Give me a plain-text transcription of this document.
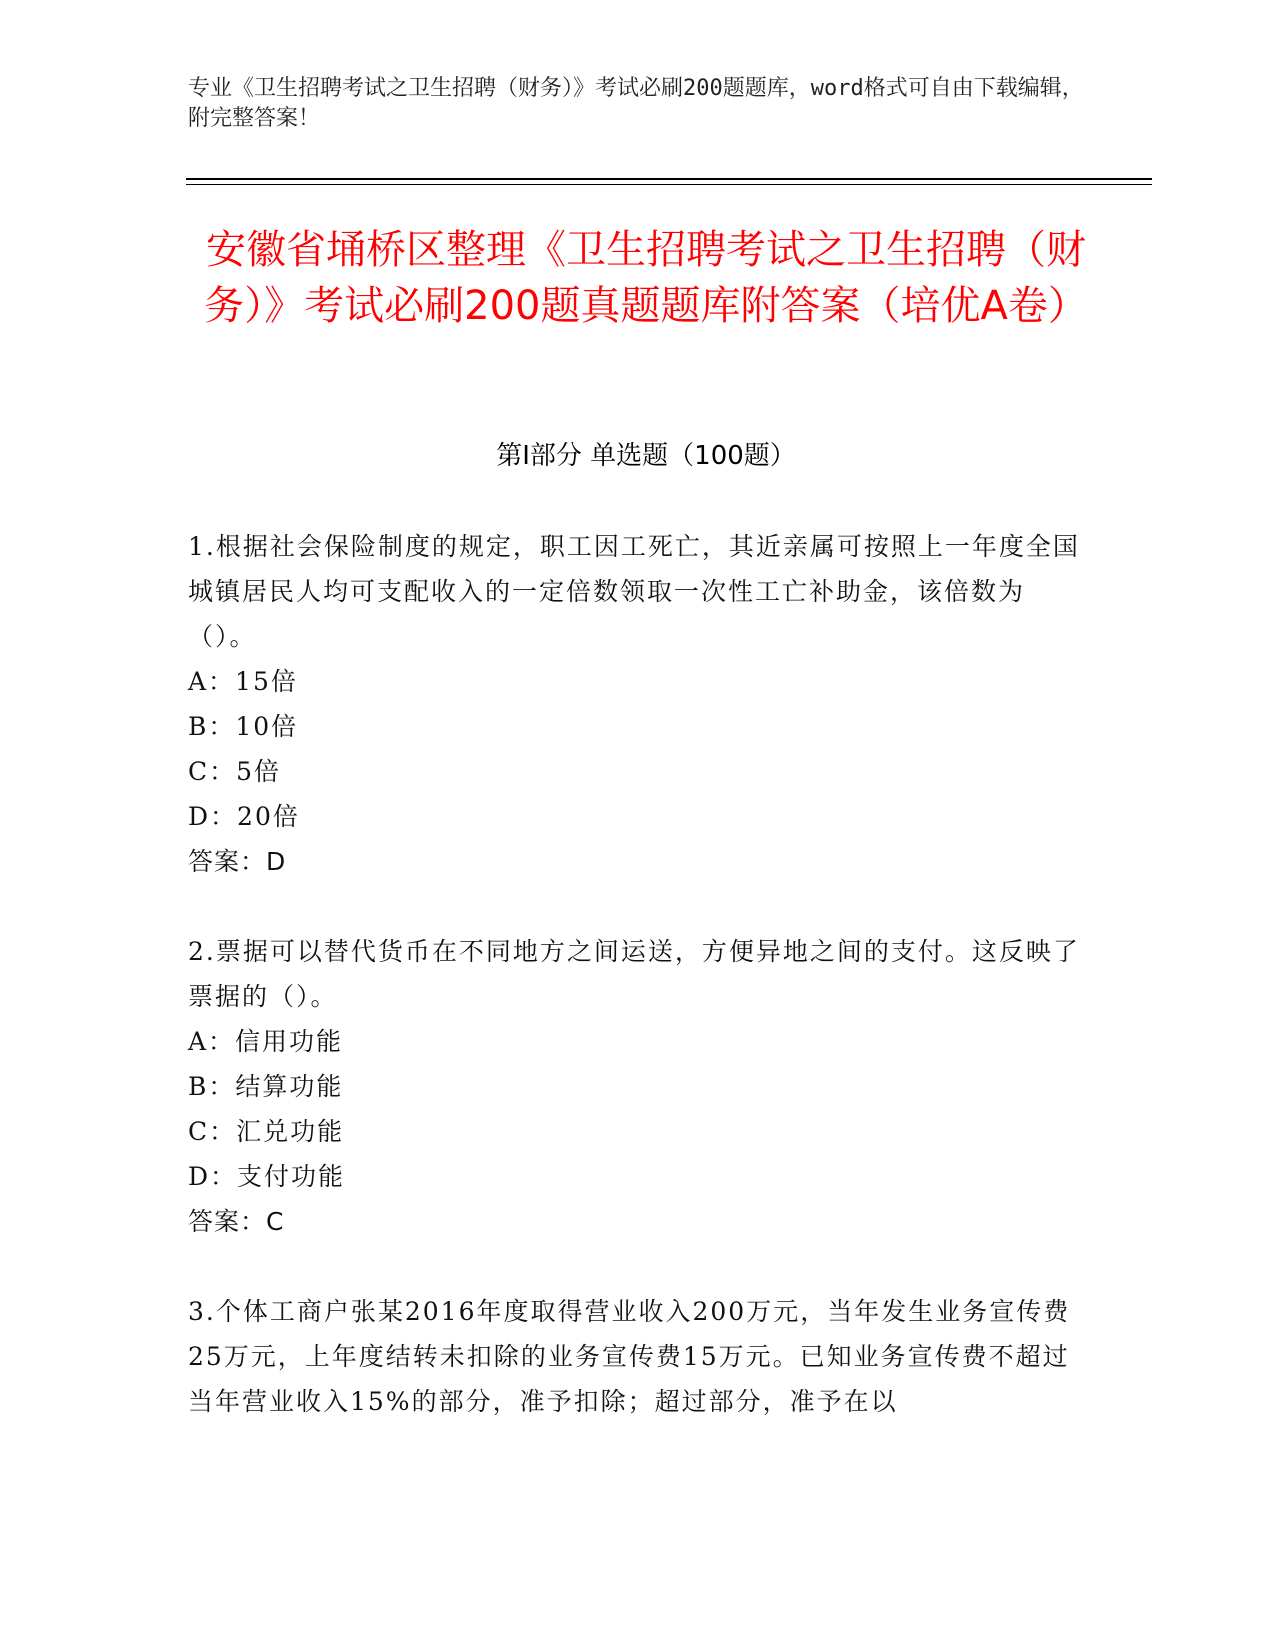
专业《卫生招聘考试之卫生招聘（财务）》考试必刷200题题库，word格式可自由下载编辑，附完整答案！
安徽省埇桥区整理《卫生招聘考试之卫生招聘（财务）》考试必刷200题真题题库附答案（培优A卷）
第Ⅰ部分 单选题（100题）

1.根据社会保险制度的规定，职工因工死亡，其近亲属可按照上一年度全国城镇居民人均可支配收入的一定倍数领取一次性工亡补助金，该倍数为（）。

A：15倍

B：10倍

C：5倍

D：20倍

答案：D

2.票据可以替代货币在不同地方之间运送，方便异地之间的支付。这反映了票据的（）。

A：信用功能

B：结算功能

C：汇兑功能

D：支付功能

答案：C

3.个体工商户张某2016年度取得营业收入200万元，当年发生业务宣传费25万元，上年度结转未扣除的业务宣传费15万元。已知业务宣传费不超过当年营业收入15%的部分，准予扣除；超过部分，准予在以
